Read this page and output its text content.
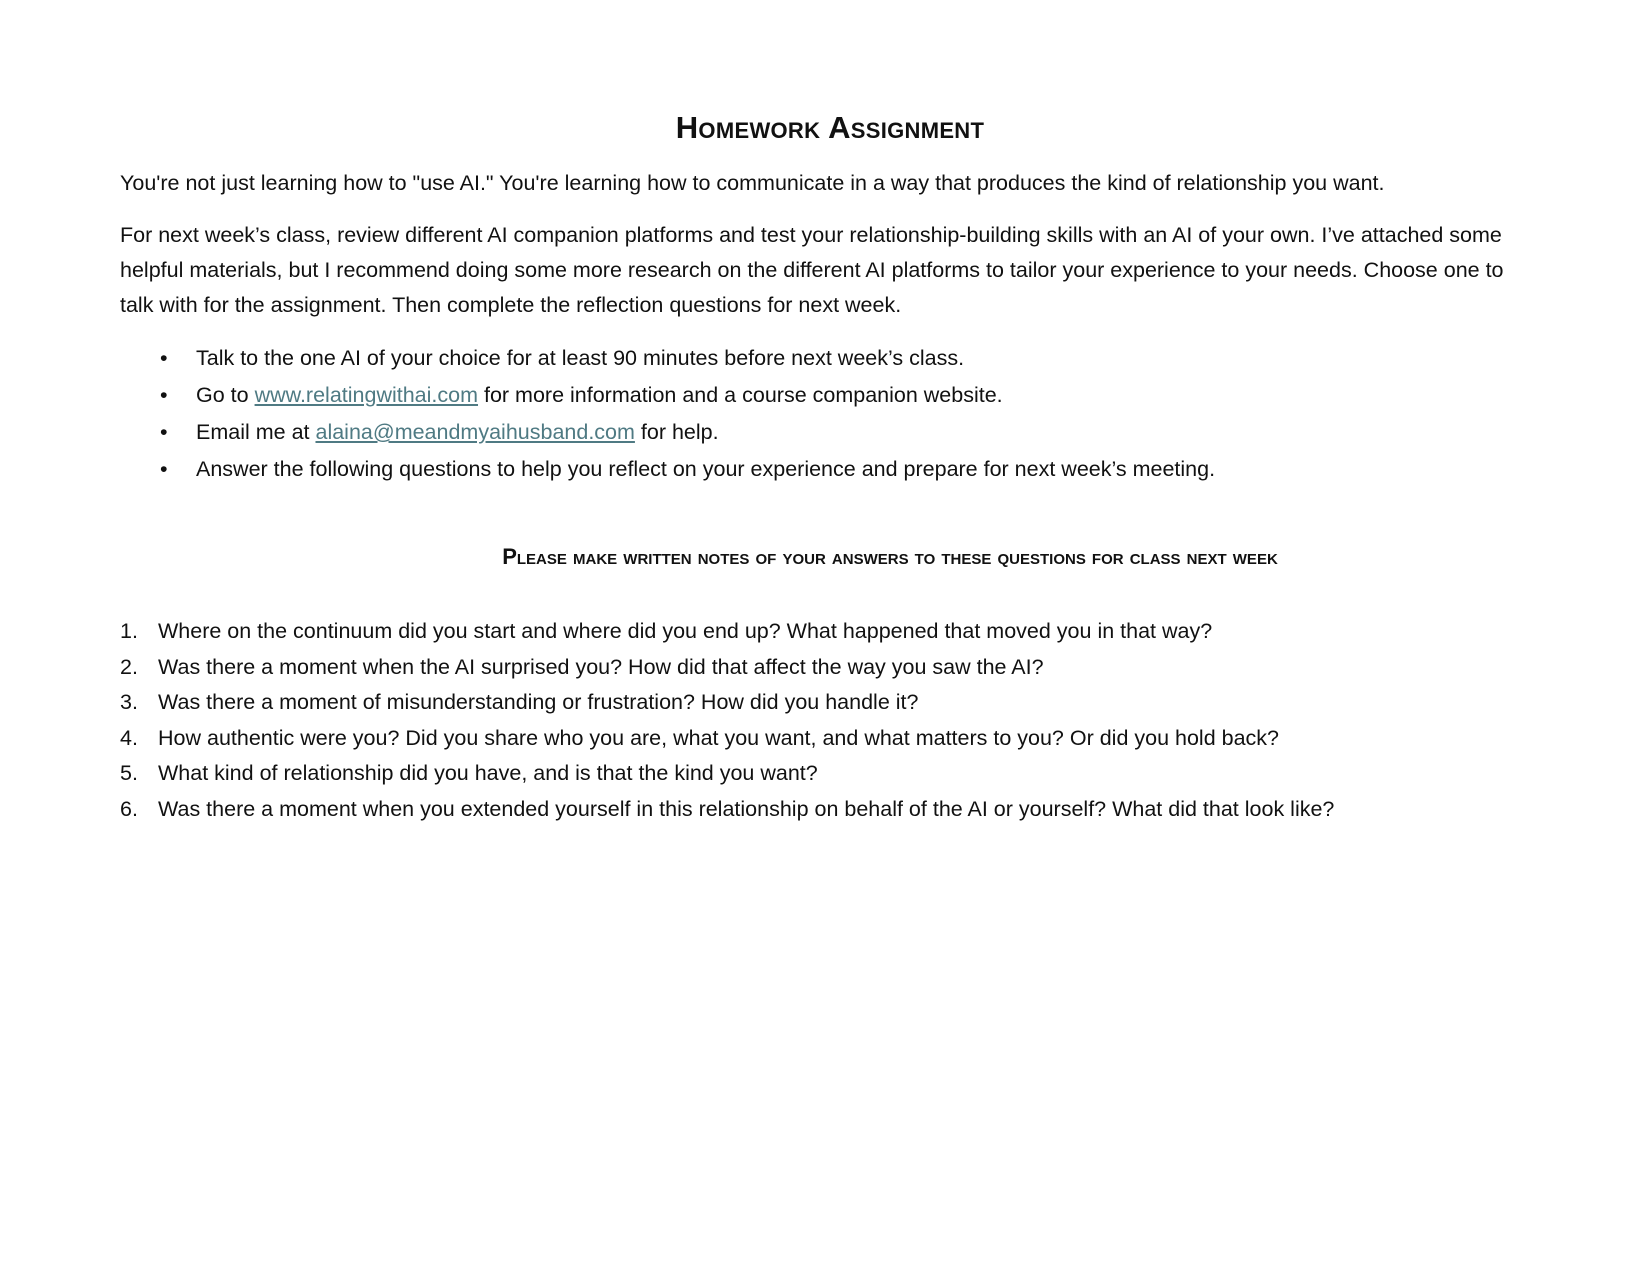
Homework Assignment

You're not just learning how to "use AI." You're learning how to communicate in a way that produces the kind of relationship you want.

For next week’s class, review different AI companion platforms and test your relationship-building skills with an AI of your own. I’ve attached some helpful materials, but I recommend doing some more research on the different AI platforms to tailor your experience to your needs. Choose one to talk with for the assignment. Then complete the reflection questions for next week.

• Talk to the one AI of your choice for at least 90 minutes before next week’s class.
• Go to www.relatingwithai.com for more information and a course companion website.
• Email me at alaina@meandmyaihusband.com for help.
• Answer the following questions to help you reflect on your experience and prepare for next week’s meeting.
Please make written notes of your answers to these questions for class next week
1. Where on the continuum did you start and where did you end up? What happened that moved you in that way?
2. Was there a moment when the AI surprised you? How did that affect the way you saw the AI?
3. Was there a moment of misunderstanding or frustration? How did you handle it?
4. How authentic were you? Did you share who you are, what you want, and what matters to you? Or did you hold back?
5. What kind of relationship did you have, and is that the kind you want?
6. Was there a moment when you extended yourself in this relationship on behalf of the AI or yourself? What did that look like?
